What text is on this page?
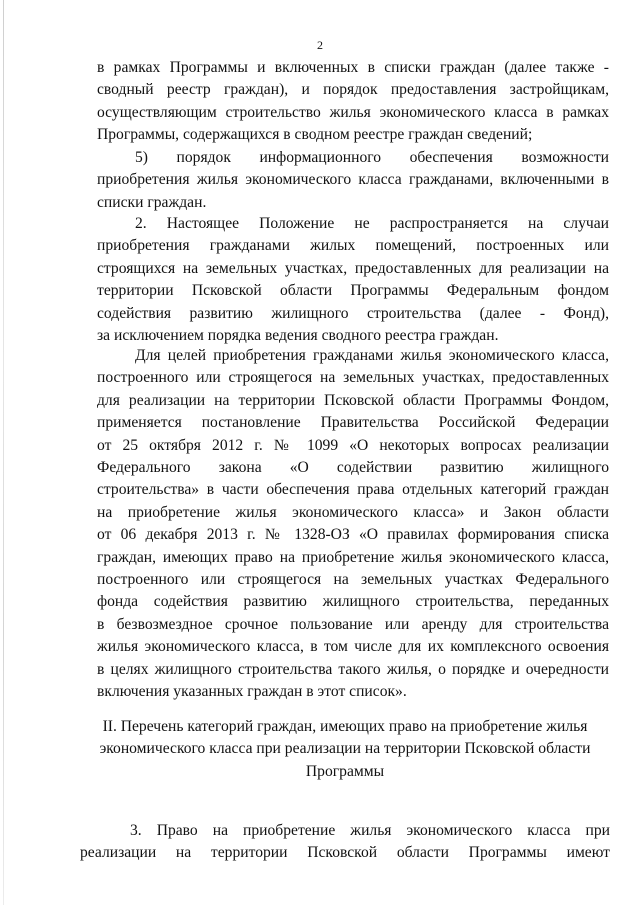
2
в рамках Программы и включенных в списки граждан (далее также -
сводный реестр граждан), и порядок предоставления застройщикам,
осуществляющим строительство жилья экономического класса в рамках
Программы, содержащихся в сводном реестре граждан сведений;
5) порядок информационного обеспечения возможности
приобретения жилья экономического класса гражданами, включенными в
списки граждан.
2. Настоящее Положение не распространяется на случаи
приобретения гражданами жилых помещений, построенных или
строящихся на земельных участках, предоставленных для реализации на
территории Псковской области Программы Федеральным фондом
содействия развитию жилищного строительства (далее - Фонд),
за исключением порядка ведения сводного реестра граждан.
Для целей приобретения гражданами жилья экономического класса,
построенного или строящегося на земельных участках, предоставленных
для реализации на территории Псковской области Программы Фондом,
применяется постановление Правительства Российской Федерации
от 25 октября 2012 г. № 1099 «О некоторых вопросах реализации
Федерального закона «О содействии развитию жилищного
строительства» в части обеспечения права отдельных категорий граждан
на приобретение жилья экономического класса» и Закон области
от 06 декабря 2013 г. № 1328-ОЗ «О правилах формирования списка
граждан, имеющих право на приобретение жилья экономического класса,
построенного или строящегося на земельных участках Федерального
фонда содействия развитию жилищного строительства, переданных
в безвозмездное срочное пользование или аренду для строительства
жилья экономического класса, в том числе для их комплексного освоения
в целях жилищного строительства такого жилья, о порядке и очередности
включения указанных граждан в этот список».
II. Перечень категорий граждан, имеющих право на приобретение жилья
экономического класса при реализации на территории Псковской области
Программы
3. Право на приобретение жилья экономического класса при
реализации на территории Псковской области Программы имеют
